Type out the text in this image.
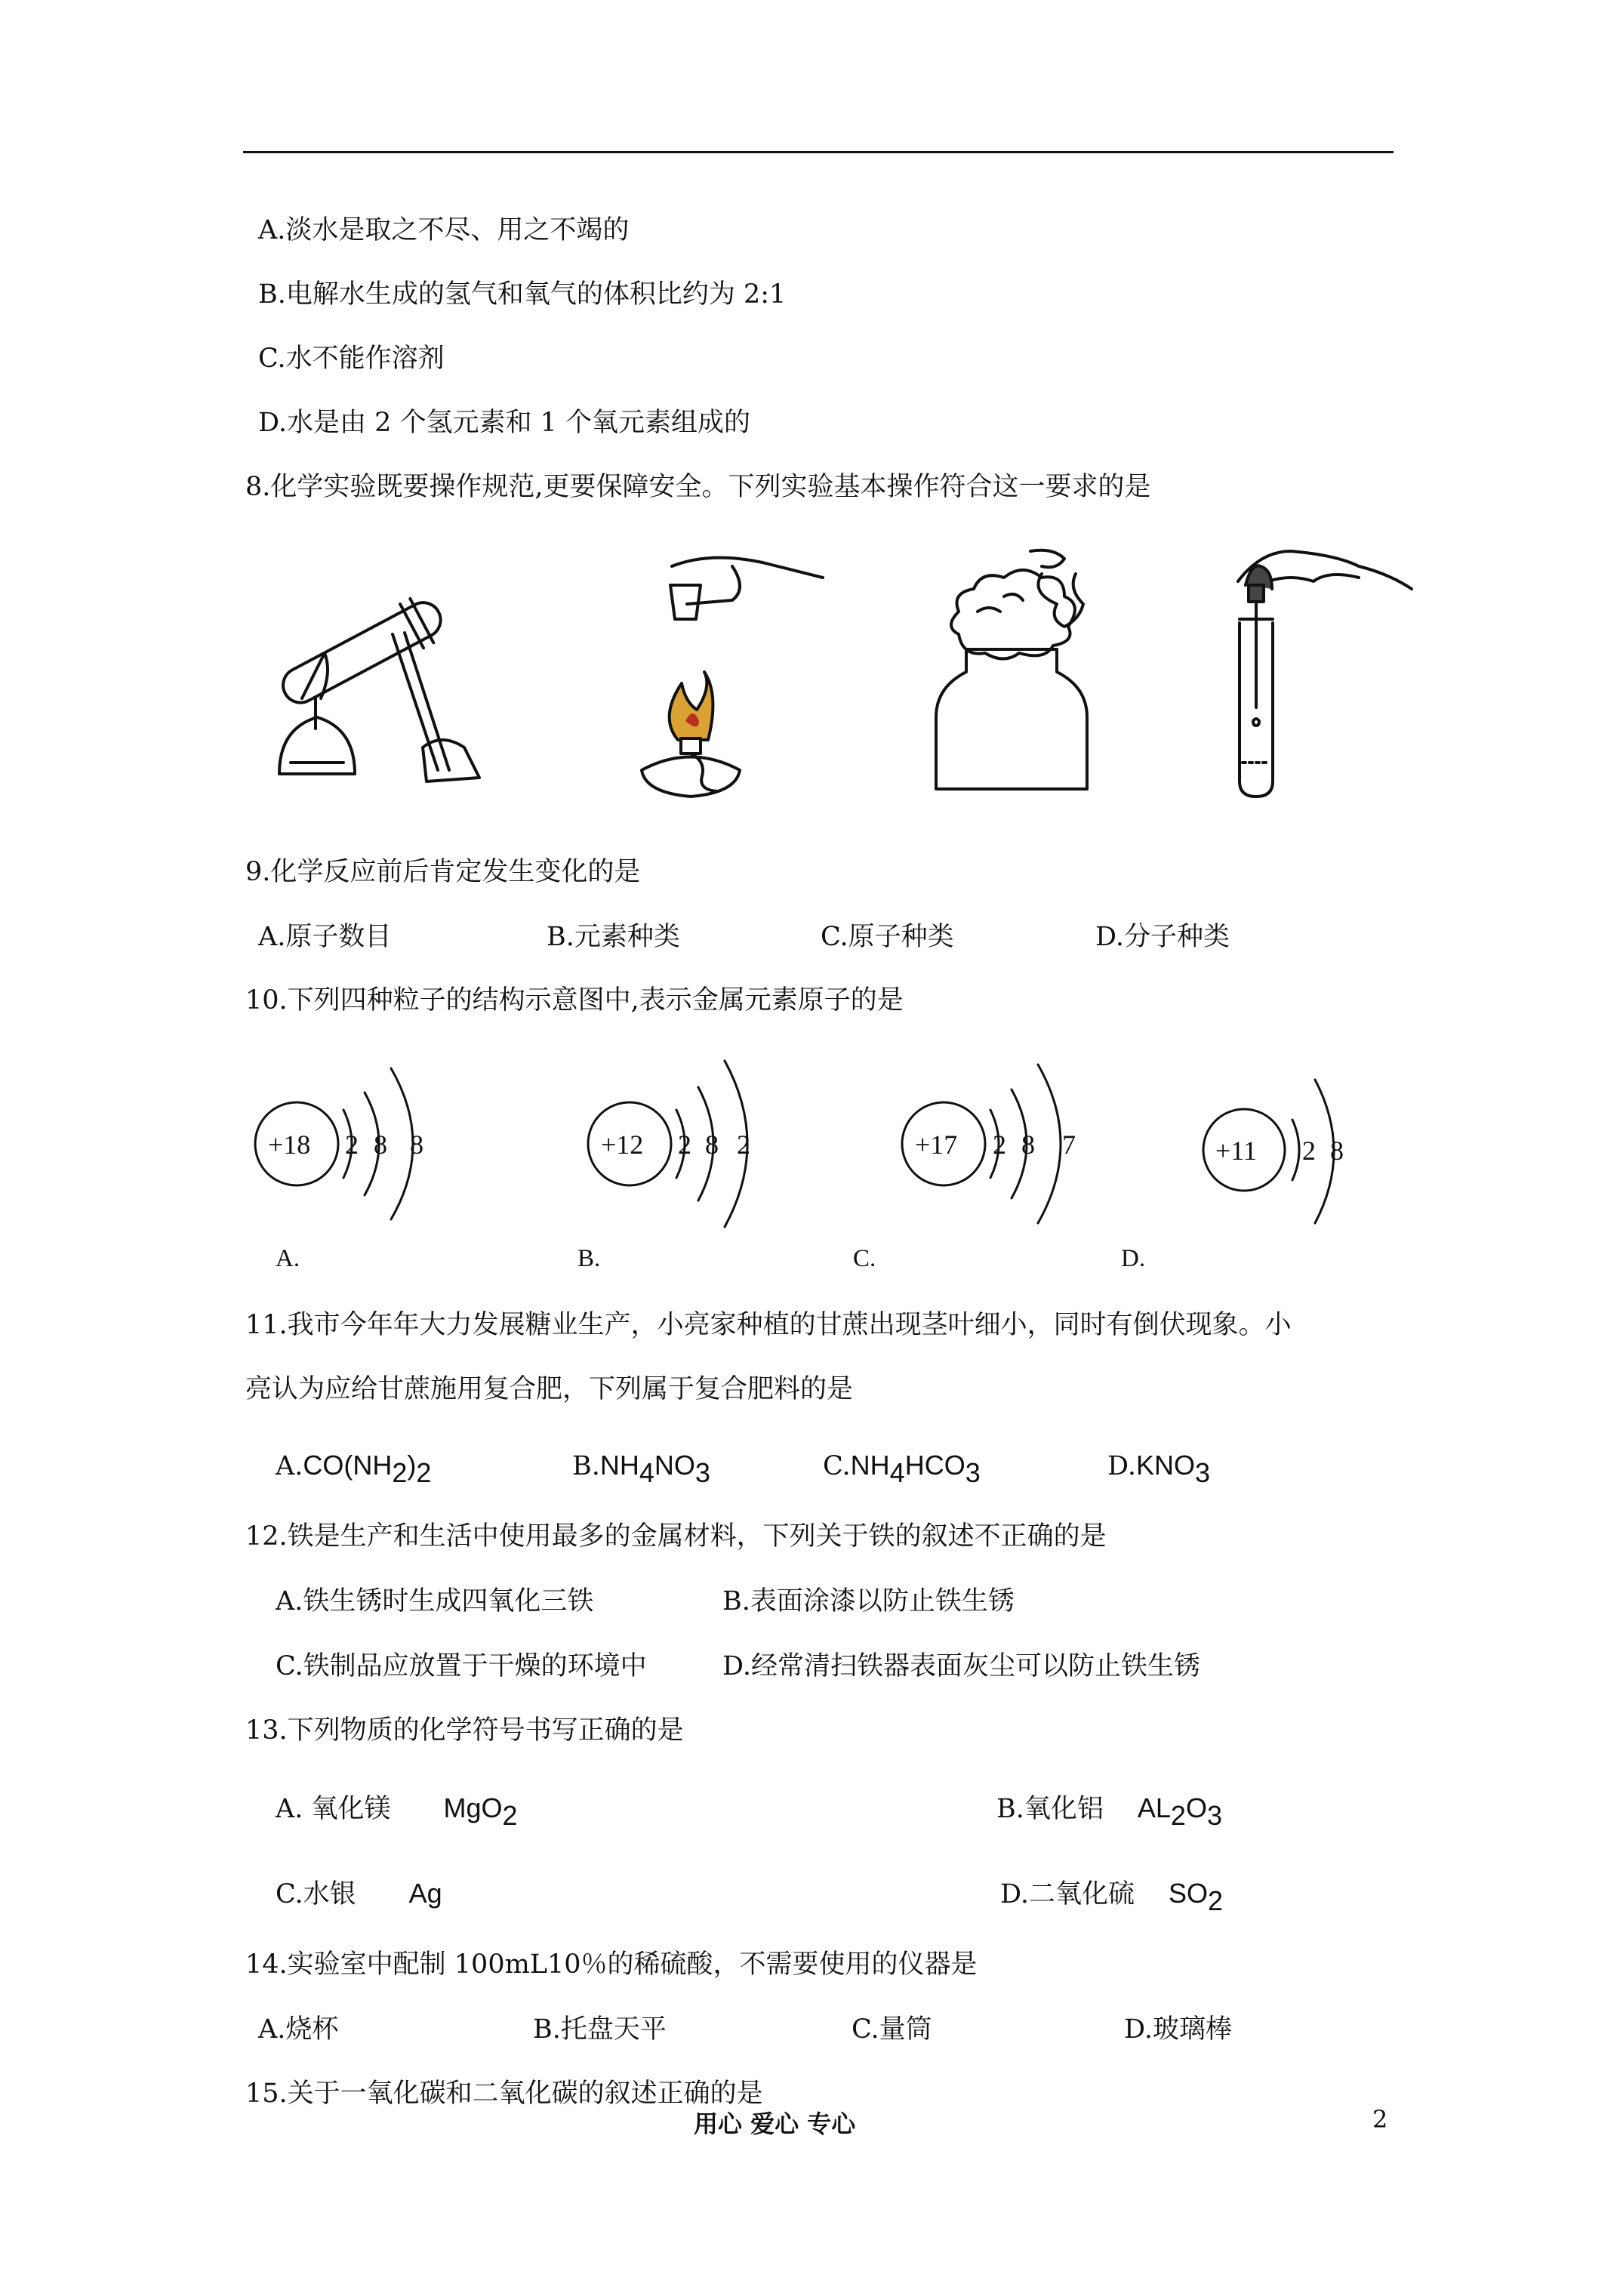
A.淡水是取之不尽、用之不竭的
B.电解水生成的氢气和氧气的体积比约为 2:1
C.水不能作溶剂
D.水是由 2 个氢元素和 1 个氧元素组成的
8.化学实验既要操作规范,更要保障安全。下列实验基本操作符合这一要求的是
9.化学反应前后肯定发生变化的是
A.原子数目	B.元素种类	C.原子种类	D.分子种类
10.下列四种粒子的结构示意图中,表示金属元素原子的是
+18 2 8 8
A.
+12 2 8 2
B.
+17 2 8 7
C.
+11 2 8
D.
11.我市今年年大力发展糖业生产，小亮家种植的甘蔗出现茎叶细小，同时有倒伏现象。小
亮认为应给甘蔗施用复合肥，下列属于复合肥料的是
$A.CO(NH_2)_2$	$B.NH_4NO_3$	$C.NH_4HCO_3$	$D.KNO_3$
12.铁是生产和生活中使用最多的金属材料，下列关于铁的叙述不正确的是
A.铁生锈时生成四氧化三铁	B.表面涂漆以防止铁生锈
C.铁制品应放置于干燥的环境中	D.经常清扫铁器表面灰尘可以防止铁生锈
13.下列物质的化学符号书写正确的是
A. 氧化镁 MgO$_2$	B.氧化铝 $AL_2O_3$
C.水银 Ag	D.二氧化硫 $SO_2$
14.实验室中配制 100mL10％的稀硫酸，不需要使用的仪器是
A.烧杯	B.托盘天平	C.量筒	D.玻璃棒
15.关于一氧化碳和二氧化碳的叙述正确的是
用心 爱心 专心	2
